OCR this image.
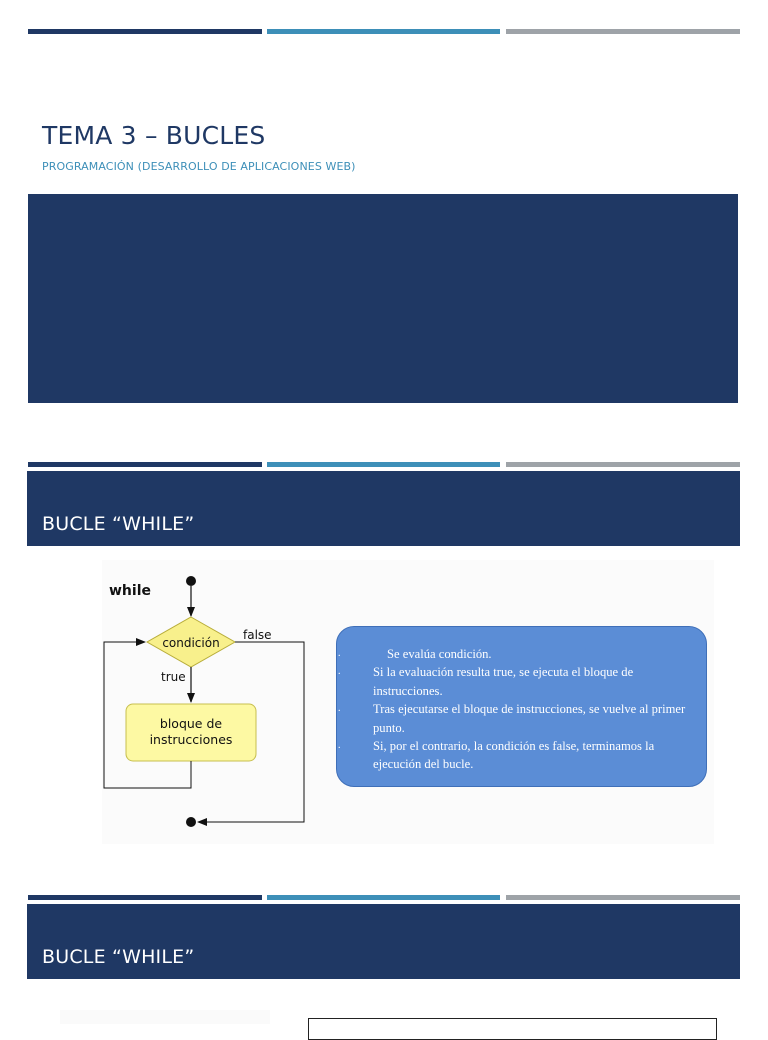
TEMA 3 – BUCLES
PROGRAMACIÓN (DESARROLLO DE APLICACIONES WEB)
BUCLE “WHILE”
condición
while
false
true
bloque de
instrucciones

.	Se evalúa condición.

.	Si la evaluación resulta true, se ejecuta el bloque de instrucciones.

.	Tras ejecutarse el bloque de instrucciones, se vuelve al primer punto.

.	Si, por el contrario, la condición es false, terminamos la ejecución del bucle.

BUCLE “WHILE”
